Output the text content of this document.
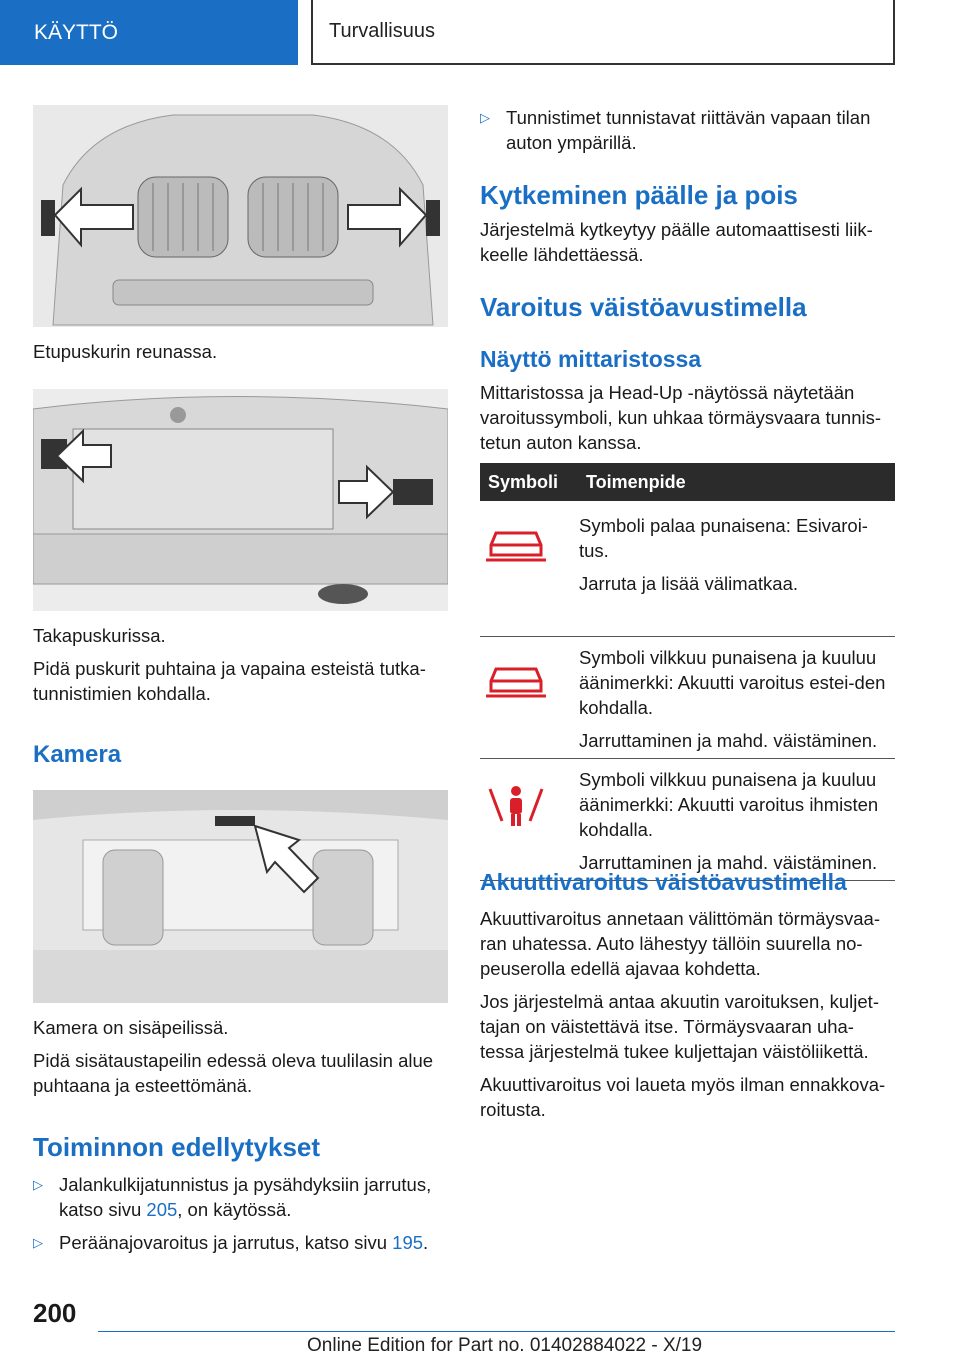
KÄYTTÖ	Turvallisuus
Etupuskurin reunassa.
Takapuskurissa.

Pidä puskurit puhtaina ja vapaina esteistä tutka-tunnistimien kohdalla.

Kamera
Kamera on sisäpeilissä.

Pidä sisätaustapeilin edessä oleva tuulilasin alue puhtaana ja esteettömänä.

Toiminnon edellytykset
▷ Jalankulkijatunnistus ja pysähdyksiin jarrutus, katso sivu 205, on käytössä.
▷ Peräänajovaroitus ja jarrutus, katso sivu 195.
▷ Tunnistimet tunnistavat riittävän vapaan tilan auton ympärillä.
Kytkeminen päälle ja pois

Järjestelmä kytkeytyy päälle automaattisesti liik-keelle lähdettäessä.

Varoitus väistöavustimella
Näyttö mittaristossa

Mittaristossa ja Head-Up -näytössä näytetään varoitussymboli, kun uhkaa törmäysvaara tunnis-tetun auton kanssa.

Symboli	Toimenpide

Symboli palaa punaisena: Esivaroi-tus.
Jarruta ja lisää välimatkaa.

Symboli vilkkuu punaisena ja kuuluu äänimerkki: Akuutti varoitus estei-den kohdalla.
Jarruttaminen ja mahd. väistäminen.

Symboli vilkkuu punaisena ja kuuluu äänimerkki: Akuutti varoitus ihmisten kohdalla.
Jarruttaminen ja mahd. väistäminen.
Akuuttivaroitus väistöavustimella

Akuuttivaroitus annetaan välittömän törmäysvaa-ran uhatessa. Auto lähestyy tällöin suurella no-peuserolla edellä ajavaa kohdetta.

Jos järjestelmä antaa akuutin varoituksen, kuljet-tajan on väistettävä itse. Törmäysvaaran uha-tessa järjestelmä tukee kuljettajan väistöliikettä.

Akuuttivaroitus voi laueta myös ilman ennakkova-roitusta.

200
Online Edition for Part no. 01402884022 - X/19
